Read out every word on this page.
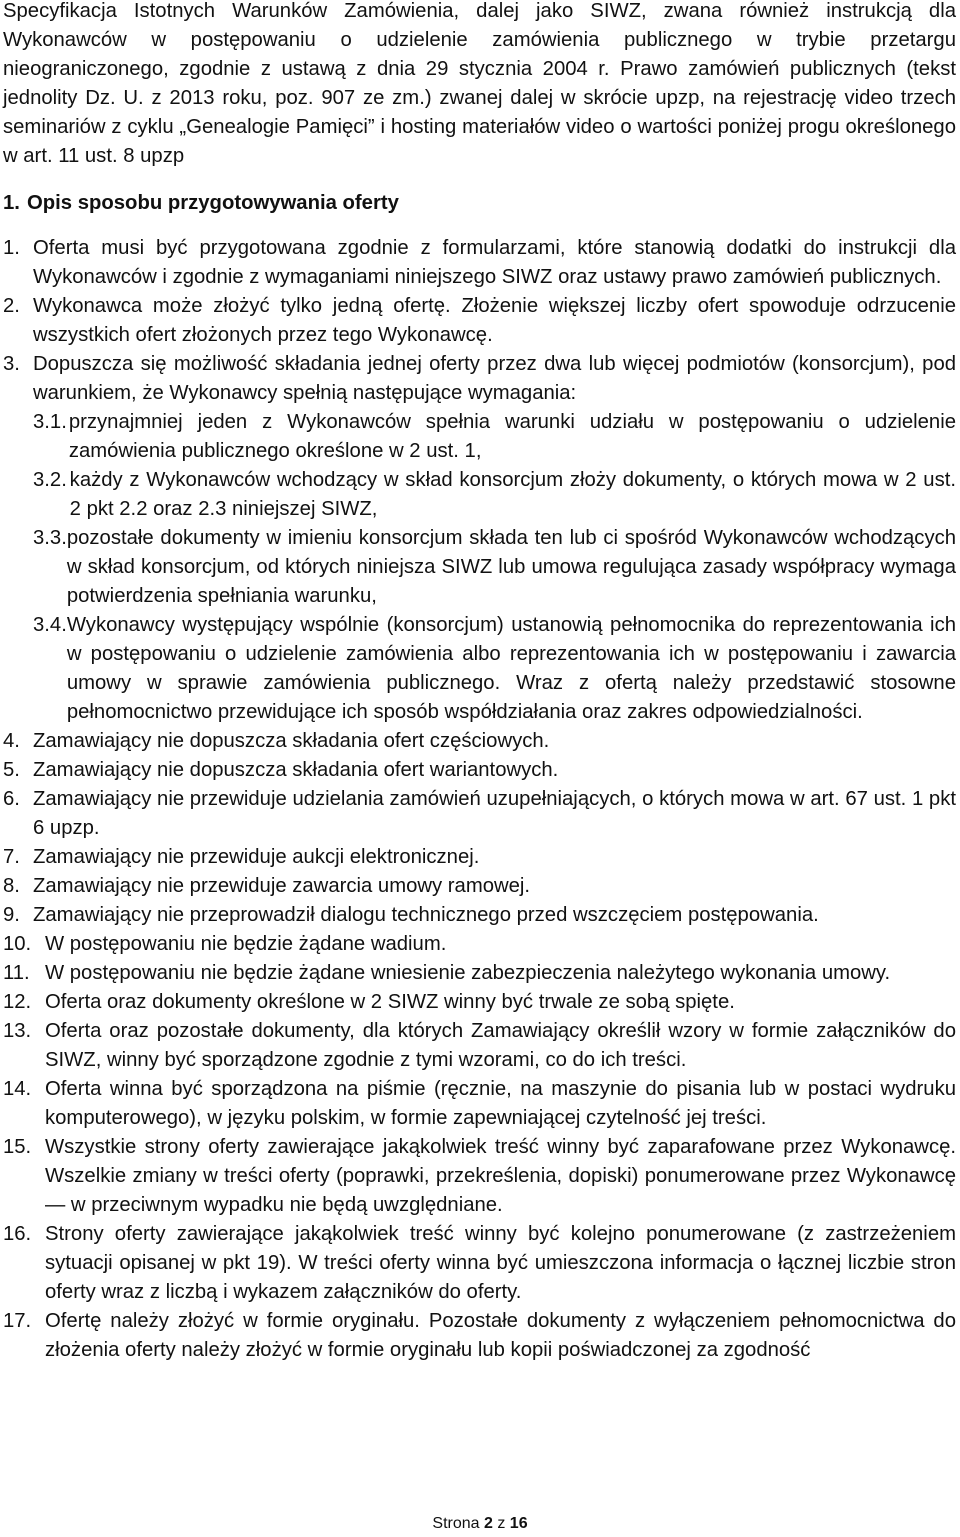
Specyfikacja Istotnych Warunków Zamówienia, dalej jako SIWZ, zwana również instrukcją dla Wykonawców w postępowaniu o udzielenie zamówienia publicznego w trybie przetargu nieograniczonego, zgodnie z ustawą z dnia 29 stycznia 2004 r. Prawo zamówień publicznych (tekst jednolity Dz. U. z 2013 roku, poz. 907 ze zm.) zwanej dalej w skrócie upzp, na rejestrację video trzech seminariów z cyklu „Genealogie Pamięci” i hosting materiałów video o wartości poniżej progu określonego w art. 11 ust. 8 upzp

1. Opis sposobu przygotowywania oferty
1. Oferta musi być przygotowana zgodnie z formularzami, które stanowią dodatki do instrukcji dla Wykonawców i zgodnie z wymaganiami niniejszego SIWZ oraz ustawy prawo zamówień publicznych.
2. Wykonawca może złożyć tylko jedną ofertę. Złożenie większej liczby ofert spowoduje odrzucenie wszystkich ofert złożonych przez tego Wykonawcę.
3. Dopuszcza się możliwość składania jednej oferty przez dwa lub więcej podmiotów (konsorcjum), pod warunkiem, że Wykonawcy spełnią następujące wymagania:
3.1. przynajmniej jeden z Wykonawców spełnia warunki udziału w postępowaniu o udzielenie zamówienia publicznego określone w 2 ust. 1,
3.2. każdy z Wykonawców wchodzący w skład konsorcjum złoży dokumenty, o których mowa w 2 ust. 2 pkt 2.2 oraz 2.3 niniejszej SIWZ,
3.3. pozostałe dokumenty w imieniu konsorcjum składa ten lub ci spośród Wykonawców wchodzących w skład konsorcjum, od których niniejsza SIWZ lub umowa regulująca zasady współpracy wymaga potwierdzenia spełniania warunku,
3.4. Wykonawcy występujący wspólnie (konsorcjum) ustanowią pełnomocnika do reprezentowania ich w postępowaniu o udzielenie zamówienia albo reprezentowania ich w postępowaniu i zawarcia umowy w sprawie zamówienia publicznego. Wraz z ofertą należy przedstawić stosowne pełnomocnictwo przewidujące ich sposób współdziałania oraz zakres odpowiedzialności.
4. Zamawiający nie dopuszcza składania ofert częściowych.
5. Zamawiający nie dopuszcza składania ofert wariantowych.
6. Zamawiający nie przewiduje udzielania zamówień uzupełniających, o których mowa w art. 67 ust. 1 pkt 6 upzp.
7. Zamawiający nie przewiduje aukcji elektronicznej.
8. Zamawiający nie przewiduje zawarcia umowy ramowej.
9. Zamawiający nie przeprowadził dialogu technicznego przed wszczęciem postępowania.
10. W postępowaniu nie będzie żądane wadium.
11. W postępowaniu nie będzie żądane wniesienie zabezpieczenia należytego wykonania umowy.
12. Oferta oraz dokumenty określone w 2 SIWZ winny być trwale ze sobą spięte.
13. Oferta oraz pozostałe dokumenty, dla których Zamawiający określił wzory w formie załączników do SIWZ, winny być sporządzone zgodnie z tymi wzorami, co do ich treści.
14. Oferta winna być sporządzona na piśmie (ręcznie, na maszynie do pisania lub w postaci wydruku komputerowego), w języku polskim, w formie zapewniającej czytelność jej treści.
15. Wszystkie strony oferty zawierające jakąkolwiek treść winny być zaparafowane przez Wykonawcę. Wszelkie zmiany w treści oferty (poprawki, przekreślenia, dopiski) ponumerowane przez Wykonawcę — w przeciwnym wypadku nie będą uwzględniane.
16. Strony oferty zawierające jakąkolwiek treść winny być kolejno ponumerowane (z zastrzeżeniem sytuacji opisanej w pkt 19). W treści oferty winna być umieszczona informacja o łącznej liczbie stron oferty wraz z liczbą i wykazem załączników do oferty.
17. Ofertę należy złożyć w formie oryginału. Pozostałe dokumenty z wyłączeniem pełnomocnictwa do złożenia oferty należy złożyć w formie oryginału lub kopii poświadczonej za zgodność
Strona 2 z 16
